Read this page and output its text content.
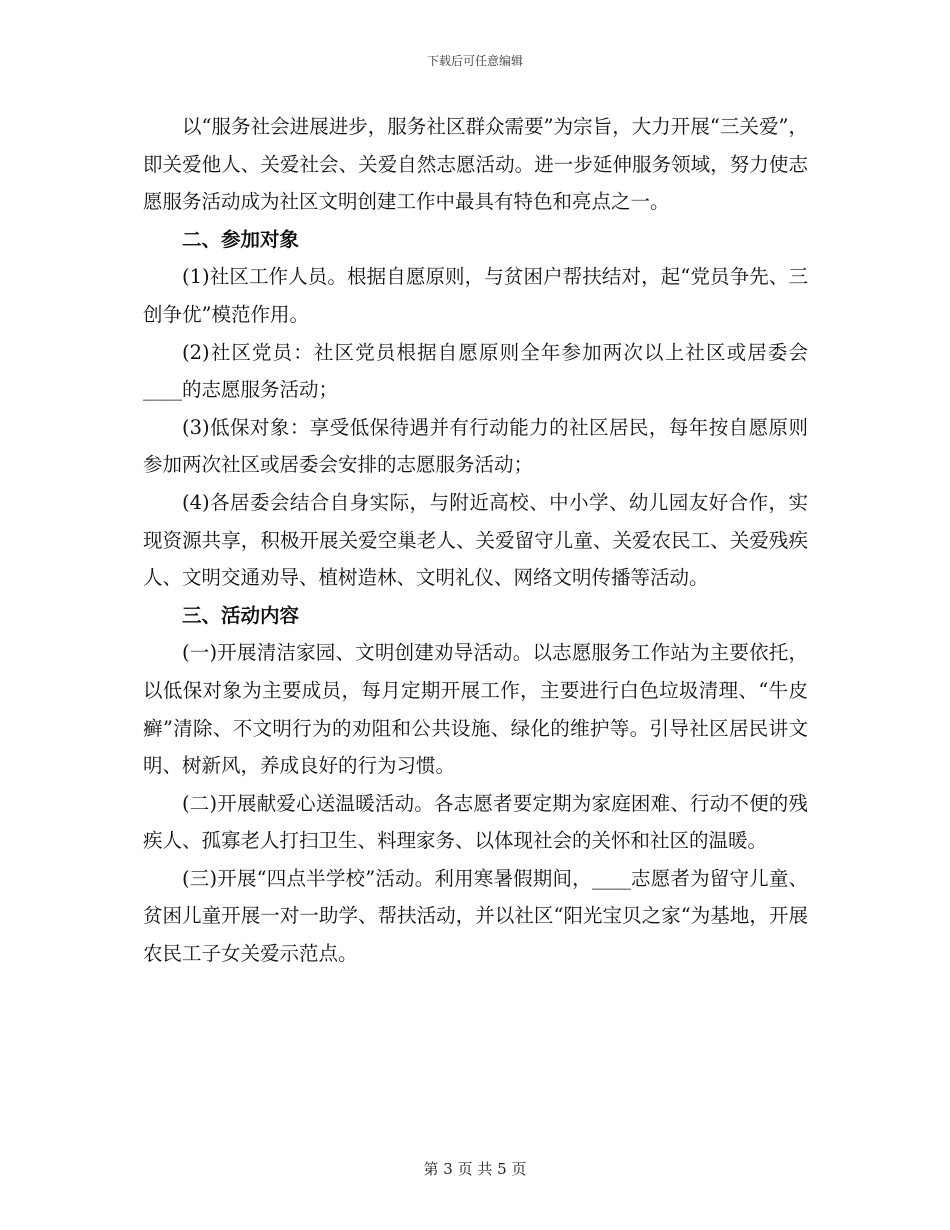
下载后可任意编辑

以“服务社会进展进步，服务社区群众需要”为宗旨，大力开展“三关爱”，即关爱他人、关爱社会、关爱自然志愿活动。进一步延伸服务领域，努力使志愿服务活动成为社区文明创建工作中最具有特色和亮点之一。

二、参加对象

(1)社区工作人员。根据自愿原则，与贫困户帮扶结对，起“党员争先、三创争优”模范作用。

(2)社区党员：社区党员根据自愿原则全年参加两次以上社区或居委会____的志愿服务活动；

(3)低保对象：享受低保待遇并有行动能力的社区居民，每年按自愿原则参加两次社区或居委会安排的志愿服务活动；

(4)各居委会结合自身实际，与附近高校、中小学、幼儿园友好合作，实现资源共享，积极开展关爱空巢老人、关爱留守儿童、关爱农民工、关爱残疾人、文明交通劝导、植树造林、文明礼仪、网络文明传播等活动。

三、活动内容

(一)开展清洁家园、文明创建劝导活动。以志愿服务工作站为主要依托，以低保对象为主要成员，每月定期开展工作，主要进行白色垃圾清理、“牛皮癣”清除、不文明行为的劝阻和公共设施、绿化的维护等。引导社区居民讲文明、树新风，养成良好的行为习惯。

(二)开展献爱心送温暖活动。各志愿者要定期为家庭困难、行动不便的残疾人、孤寡老人打扫卫生、料理家务、以体现社会的关怀和社区的温暖。

(三)开展“四点半学校”活动。利用寒暑假期间，____志愿者为留守儿童、贫困儿童开展一对一助学、帮扶活动，并以社区“阳光宝贝之家“为基地，开展农民工子女关爱示范点。

第 3 页 共 5 页
